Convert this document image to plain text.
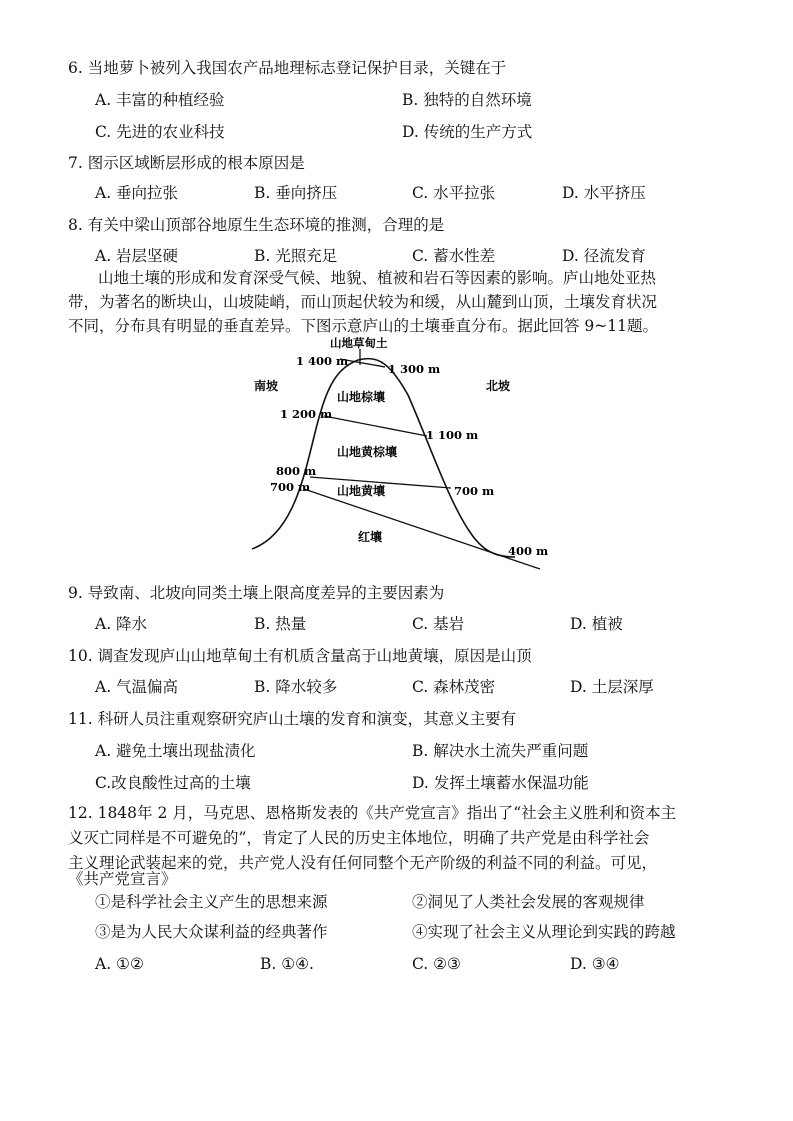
6. 当地萝卜被列入我国农产品地理标志登记保护目录，关键在于
A. 丰富的种植经验	B. 独特的自然环境
C. 先进的农业科技	D. 传统的生产方式
7. 图示区域断层形成的根本原因是
A. 垂向拉张	B. 垂向挤压	C. 水平拉张	D. 水平挤压
8. 有关中梁山顶部谷地原生生态环境的推测，合理的是
A. 岩层坚硬	B. 光照充足	C. 蓄水性差	D. 径流发育
山地土壤的形成和发育深受气候、地貌、植被和岩石等因素的影响。庐山地处亚热
带，为著名的断块山，山坡陡峭，而山顶起伏较为和缓，从山麓到山顶，土壤发育状况
不同，分布具有明显的垂直差异。下图示意庐山的土壤垂直分布。据此回答 9~11题。
山地草甸土
南坡	北坡
山地棕壤
山地黄棕壤
山地黄壤
红壤
1 400 m
1 200 m
800 m
700 m
1 300 m
1 100 m
700 m
400 m
9. 导致南、北坡向同类土壤上限高度差异的主要因素为
A. 降水	B. 热量	C. 基岩	D. 植被
10. 调查发现庐山山地草甸土有机质含量高于山地黄壤，原因是山顶
A. 气温偏高	B. 降水较多	C. 森林茂密	D. 土层深厚
11. 科研人员注重观察研究庐山土壤的发育和演变，其意义主要有
A. 避免土壤出现盐渍化	B. 解决水土流失严重问题
C.改良酸性过高的土壤	D. 发挥土壤蓄水保温功能
12. 1848年 2 月，马克思、恩格斯发表的《共产党宣言》指出了“社会主义胜利和资本主
义灭亡同样是不可避免的”，肯定了人民的历史主体地位，明确了共产党是由科学社会
主义理论武装起来的党，共产党人没有任何同整个无产阶级的利益不同的利益。可见，
《共产党宣言》
①是科学社会主义产生的思想来源	②洞见了人类社会发展的客观规律
③是为人民大众谋利益的经典著作	④实现了社会主义从理论到实践的跨越
A. ①②	B. ①④.	C. ②③	D. ③④
